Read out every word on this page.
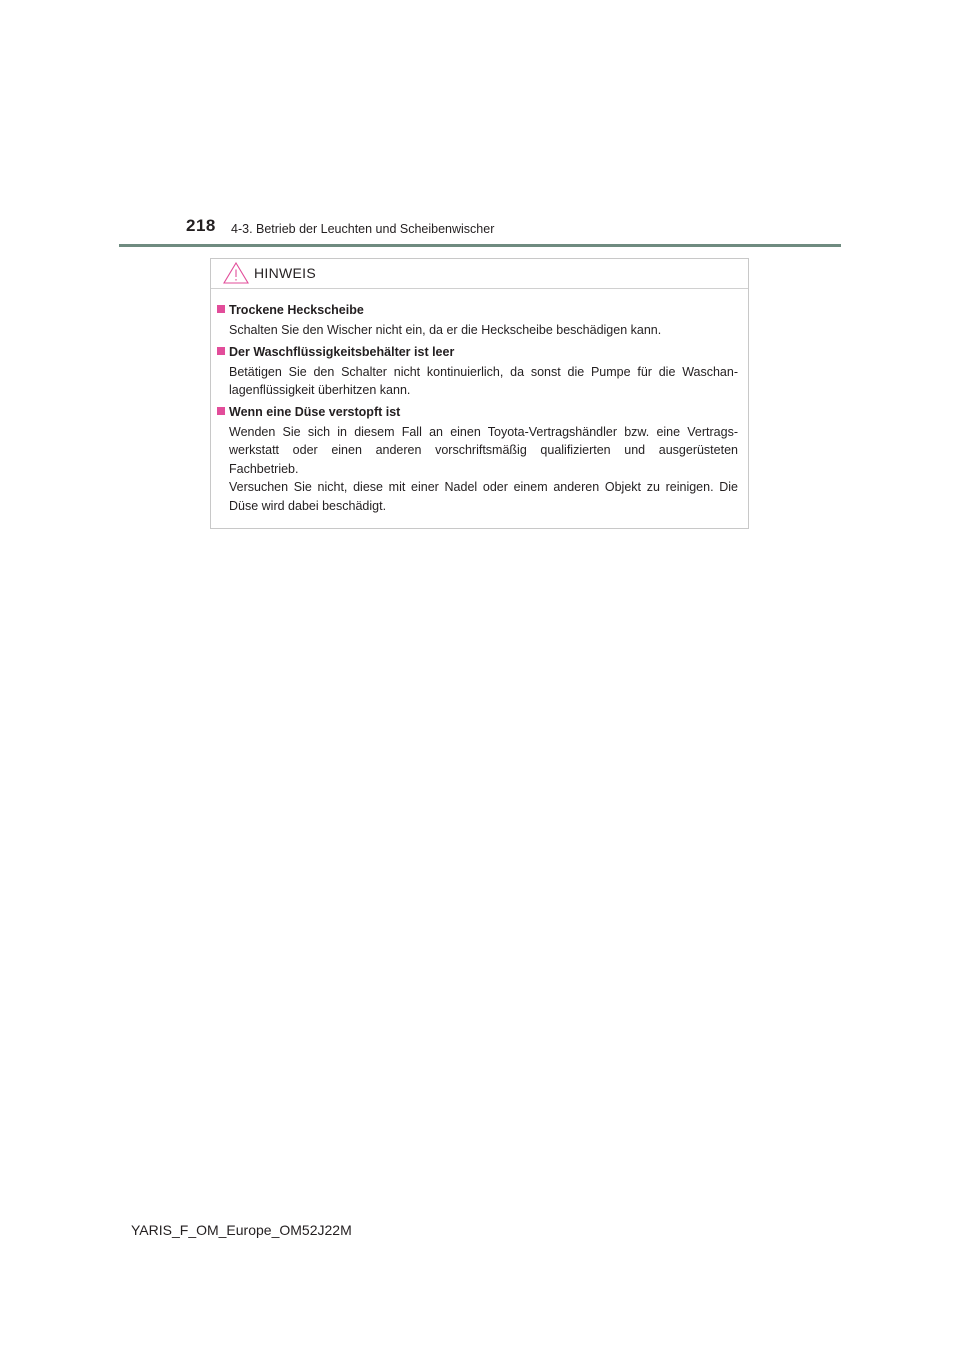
218 4-3. Betrieb der Leuchten und Scheibenwischer
HINWEIS
Trockene Heckscheibe

Schalten Sie den Wischer nicht ein, da er die Heckscheibe beschädigen kann.

Der Waschflüssigkeitsbehälter ist leer

Betätigen Sie den Schalter nicht kontinuierlich, da sonst die Pumpe für die Waschan-lagenflüssigkeit überhitzen kann.

Wenn eine Düse verstopft ist

Wenden Sie sich in diesem Fall an einen Toyota-Vertragshändler bzw. eine Vertrags-werkstatt oder einen anderen vorschriftsmäßig qualifizierten und ausgerüsteten Fachbetrieb.

Versuchen Sie nicht, diese mit einer Nadel oder einem anderen Objekt zu reinigen. Die Düse wird dabei beschädigt.

YARIS_F_OM_Europe_OM52J22M
